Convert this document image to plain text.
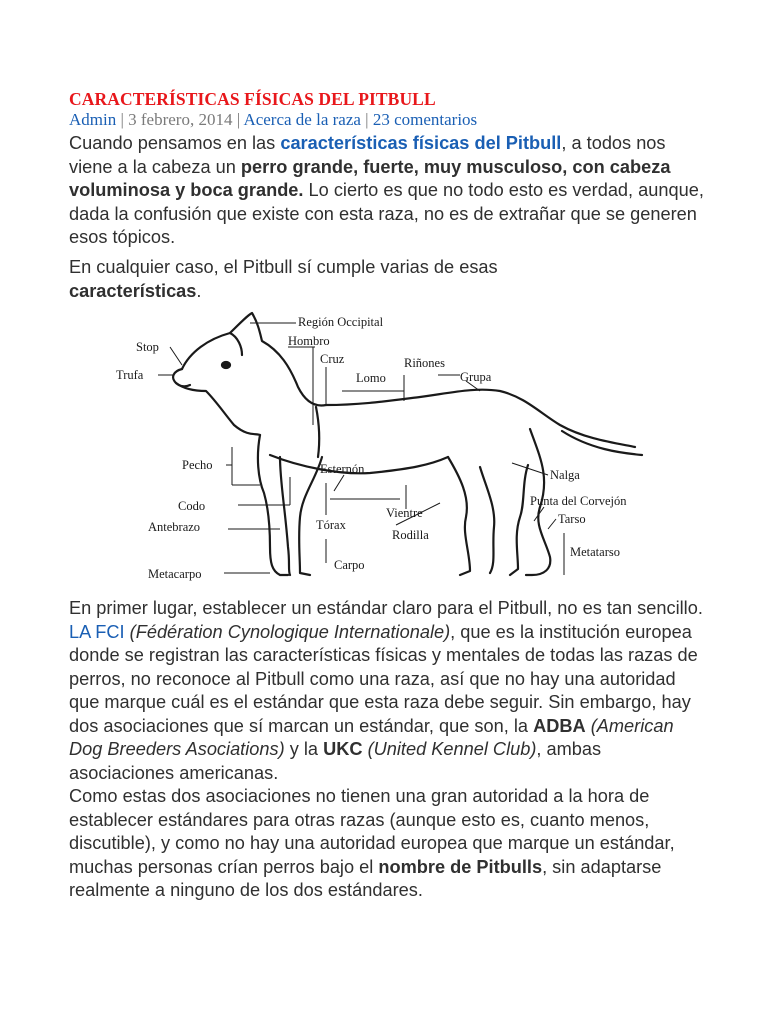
CARACTERÍSTICAS FÍSICAS DEL PITBULL
Admin | 3 febrero, 2014 | Acerca de la raza | 23 comentarios

Cuando pensamos en las características físicas del Pitbull, a todos nos viene a la cabeza un perro grande, fuerte, muy musculoso, con cabeza voluminosa y boca grande. Lo cierto es que no todo esto es verdad, aunque, dada la confusión que existe con esta raza, no es de extrañar que se generen esos tópicos.

En cualquier caso, el Pitbull sí cumple varias de esas características.

Región Occipital
Stop	Hombro
Cruz	Riñones
Trufa	Lomo	Grupa
Pecho	Esternón	Nalga
Codo	Punta del Corvejón
Vientre	Tarso
Antebrazo	Tórax
Rodilla
Metatarso
Carpo
Metacarpo

En primer lugar, establecer un estándar claro para el Pitbull, no es tan sencillo. LA FCI (Fédération Cynologique Internationale), que es la institución europea donde se registran las características físicas y mentales de todas las razas de perros, no reconoce al Pitbull como una raza, así que no hay una autoridad que marque cuál es el estándar que esta raza debe seguir. Sin embargo, hay dos asociaciones que sí marcan un estándar, que son, la ADBA (American Dog Breeders Asociations) y la UKC (United Kennel Club), ambas asociaciones americanas.
Como estas dos asociaciones no tienen una gran autoridad a la hora de establecer estándares para otras razas (aunque esto es, cuanto menos, discutible), y como no hay una autoridad europea que marque un estándar, muchas personas crían perros bajo el nombre de Pitbulls, sin adaptarse realmente a ninguno de los dos estándares.
